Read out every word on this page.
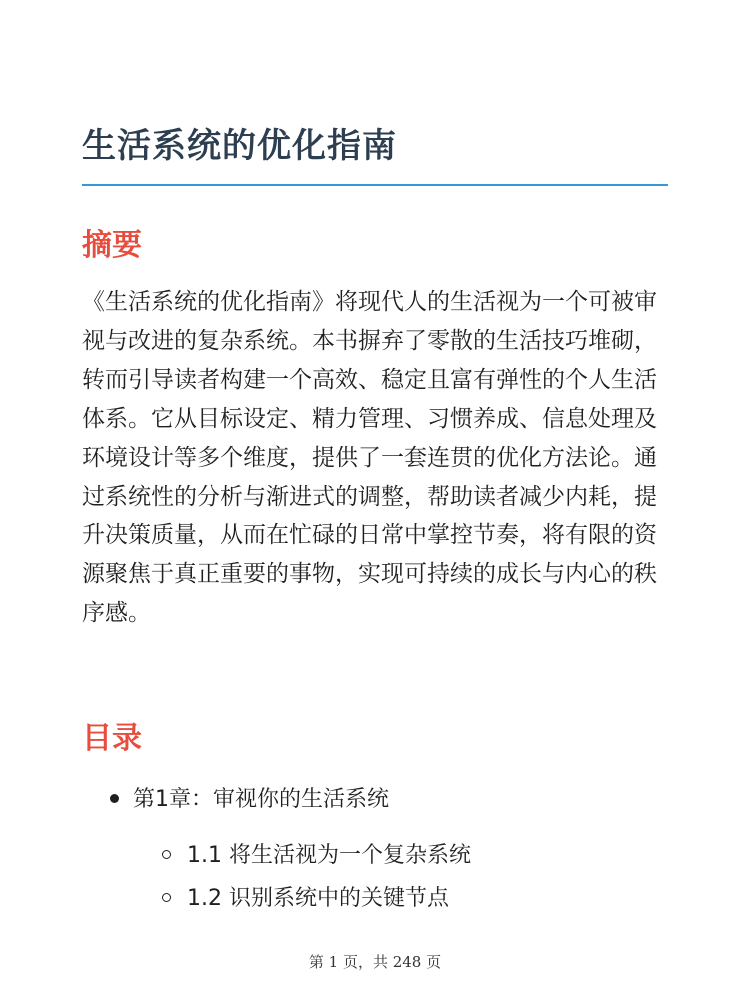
生活系统的优化指南
摘要

《生活系统的优化指南》将现代人的生活视为一个可被审视与改进的复杂系统。本书摒弃了零散的生活技巧堆砌，转而引导读者构建一个高效、稳定且富有弹性的个人生活体系。它从目标设定、精力管理、习惯养成、信息处理及环境设计等多个维度，提供了一套连贯的优化方法论。通过系统性的分析与渐进式的调整，帮助读者减少内耗，提升决策质量，从而在忙碌的日常中掌控节奏，将有限的资源聚焦于真正重要的事物，实现可持续的成长与内心的秩序感。

目录
第1章：审视你的生活系统
1.1 将生活视为一个复杂系统
1.2 识别系统中的关键节点
第 1 页，共 248 页
